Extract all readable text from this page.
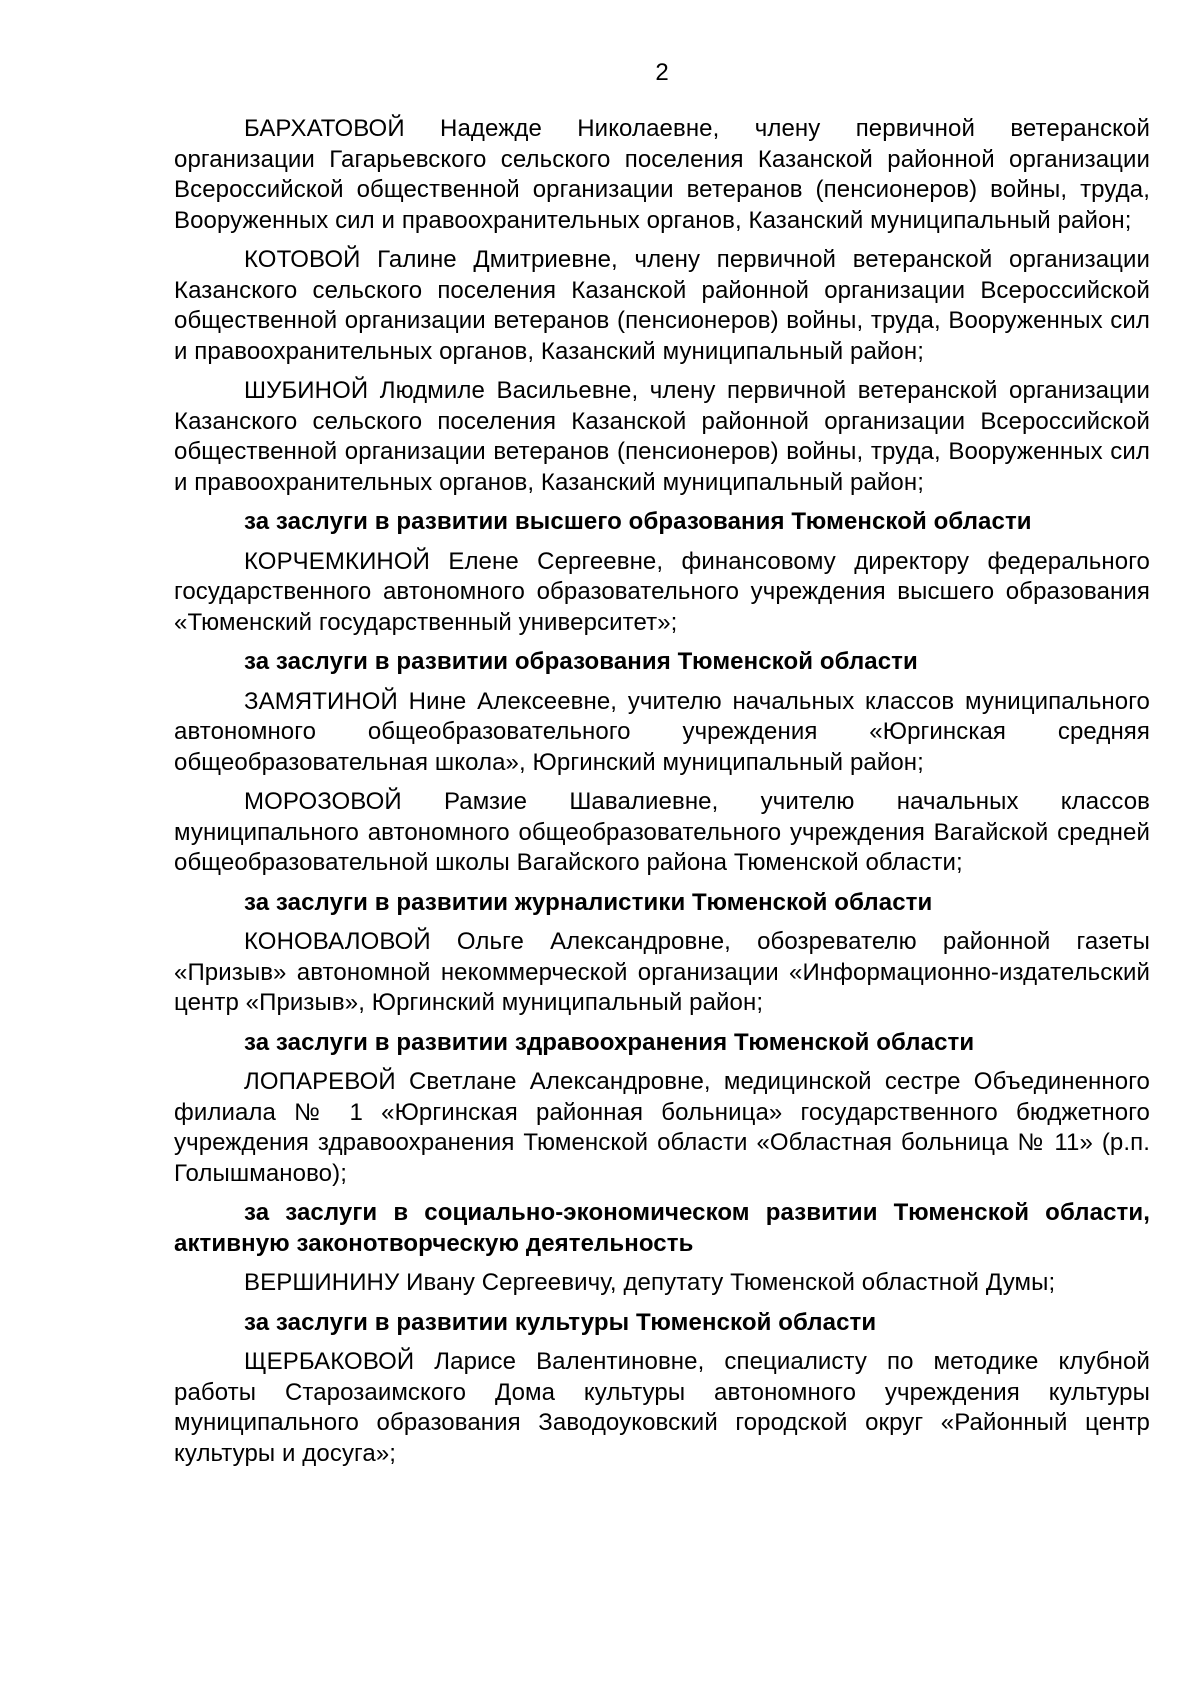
2

БАРХАТОВОЙ Надежде Николаевне, члену первичной ветеранской организации Гагарьевского сельского поселения Казанской районной организации Всероссийской общественной организации ветеранов (пенсионеров) войны, труда, Вооруженных сил и правоохранительных органов, Казанский муниципальный район;

КОТОВОЙ Галине Дмитриевне, члену первичной ветеранской организации Казанского сельского поселения Казанской районной организации Всероссийской общественной организации ветеранов (пенсионеров) войны, труда, Вооруженных сил и правоохранительных органов, Казанский муниципальный район;

ШУБИНОЙ Людмиле Васильевне, члену первичной ветеранской организации Казанского сельского поселения Казанской районной организации Всероссийской общественной организации ветеранов (пенсионеров) войны, труда, Вооруженных сил и правоохранительных органов, Казанский муниципальный район;

за заслуги в развитии высшего образования Тюменской области

КОРЧЕМКИНОЙ Елене Сергеевне, финансовому директору федерального государственного автономного образовательного учреждения высшего образования «Тюменский государственный университет»;

за заслуги в развитии образования Тюменской области

ЗАМЯТИНОЙ Нине Алексеевне, учителю начальных классов муниципального автономного общеобразовательного учреждения «Юргинская средняя общеобразовательная школа», Юргинский муниципальный район;

МОРОЗОВОЙ Рамзие Шавалиевне, учителю начальных классов муниципального автономного общеобразовательного учреждения Вагайской средней общеобразовательной школы Вагайского района Тюменской области;

за заслуги в развитии журналистики Тюменской области

КОНОВАЛОВОЙ Ольге Александровне, обозревателю районной газеты «Призыв» автономной некоммерческой организации «Информационно-издательский центр «Призыв», Юргинский муниципальный район;

за заслуги в развитии здравоохранения Тюменской области

ЛОПАРЕВОЙ Светлане Александровне, медицинской сестре Объединенного филиала № 1 «Юргинская районная больница» государственного бюджетного учреждения здравоохранения Тюменской области «Областная больница № 11» (р.п. Голышманово);

за заслуги в социально-экономическом развитии Тюменской области, активную законотворческую деятельность

ВЕРШИНИНУ Ивану Сергеевичу, депутату Тюменской областной Думы;

за заслуги в развитии культуры Тюменской области

ЩЕРБАКОВОЙ Ларисе Валентиновне, специалисту по методике клубной работы Старозаимского Дома культуры автономного учреждения культуры муниципального образования Заводоуковский городской округ «Районный центр культуры и досуга»;
